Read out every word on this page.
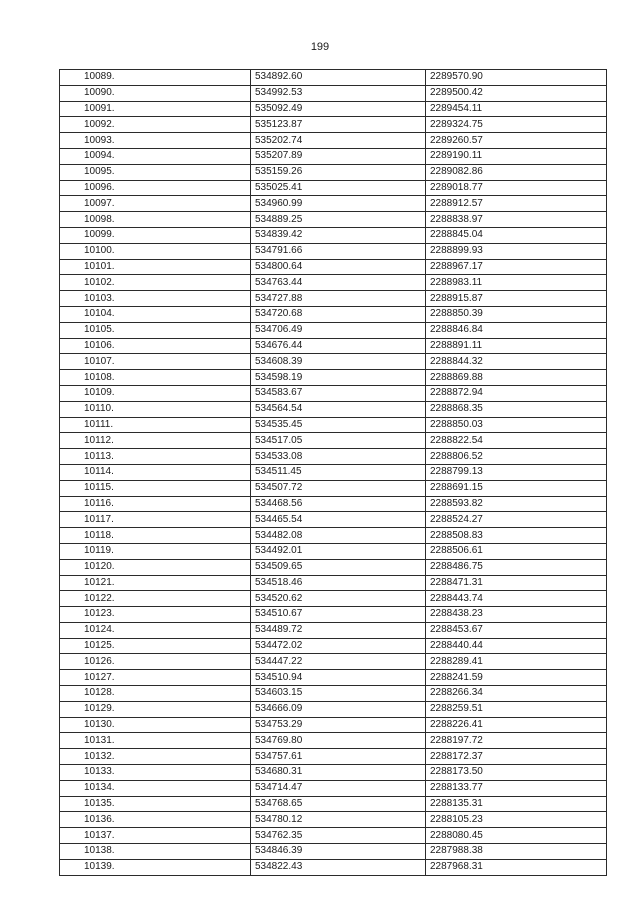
199
10089.	534892.60	2289570.90
10090.	534992.53	2289500.42
10091.	535092.49	2289454.11
10092.	535123.87	2289324.75
10093.	535202.74	2289260.57
10094.	535207.89	2289190.11
10095.	535159.26	2289082.86
10096.	535025.41	2289018.77
10097.	534960.99	2288912.57
10098.	534889.25	2288838.97
10099.	534839.42	2288845.04
10100.	534791.66	2288899.93
10101.	534800.64	2288967.17
10102.	534763.44	2288983.11
10103.	534727.88	2288915.87
10104.	534720.68	2288850.39
10105.	534706.49	2288846.84
10106.	534676.44	2288891.11
10107.	534608.39	2288844.32
10108.	534598.19	2288869.88
10109.	534583.67	2288872.94
10110.	534564.54	2288868.35
10111.	534535.45	2288850.03
10112.	534517.05	2288822.54
10113.	534533.08	2288806.52
10114.	534511.45	2288799.13
10115.	534507.72	2288691.15
10116.	534468.56	2288593.82
10117.	534465.54	2288524.27
10118.	534482.08	2288508.83
10119.	534492.01	2288506.61
10120.	534509.65	2288486.75
10121.	534518.46	2288471.31
10122.	534520.62	2288443.74
10123.	534510.67	2288438.23
10124.	534489.72	2288453.67
10125.	534472.02	2288440.44
10126.	534447.22	2288289.41
10127.	534510.94	2288241.59
10128.	534603.15	2288266.34
10129.	534666.09	2288259.51
10130.	534753.29	2288226.41
10131.	534769.80	2288197.72
10132.	534757.61	2288172.37
10133.	534680.31	2288173.50
10134.	534714.47	2288133.77
10135.	534768.65	2288135.31
10136.	534780.12	2288105.23
10137.	534762.35	2288080.45
10138.	534846.39	2287988.38
10139.	534822.43	2287968.31
